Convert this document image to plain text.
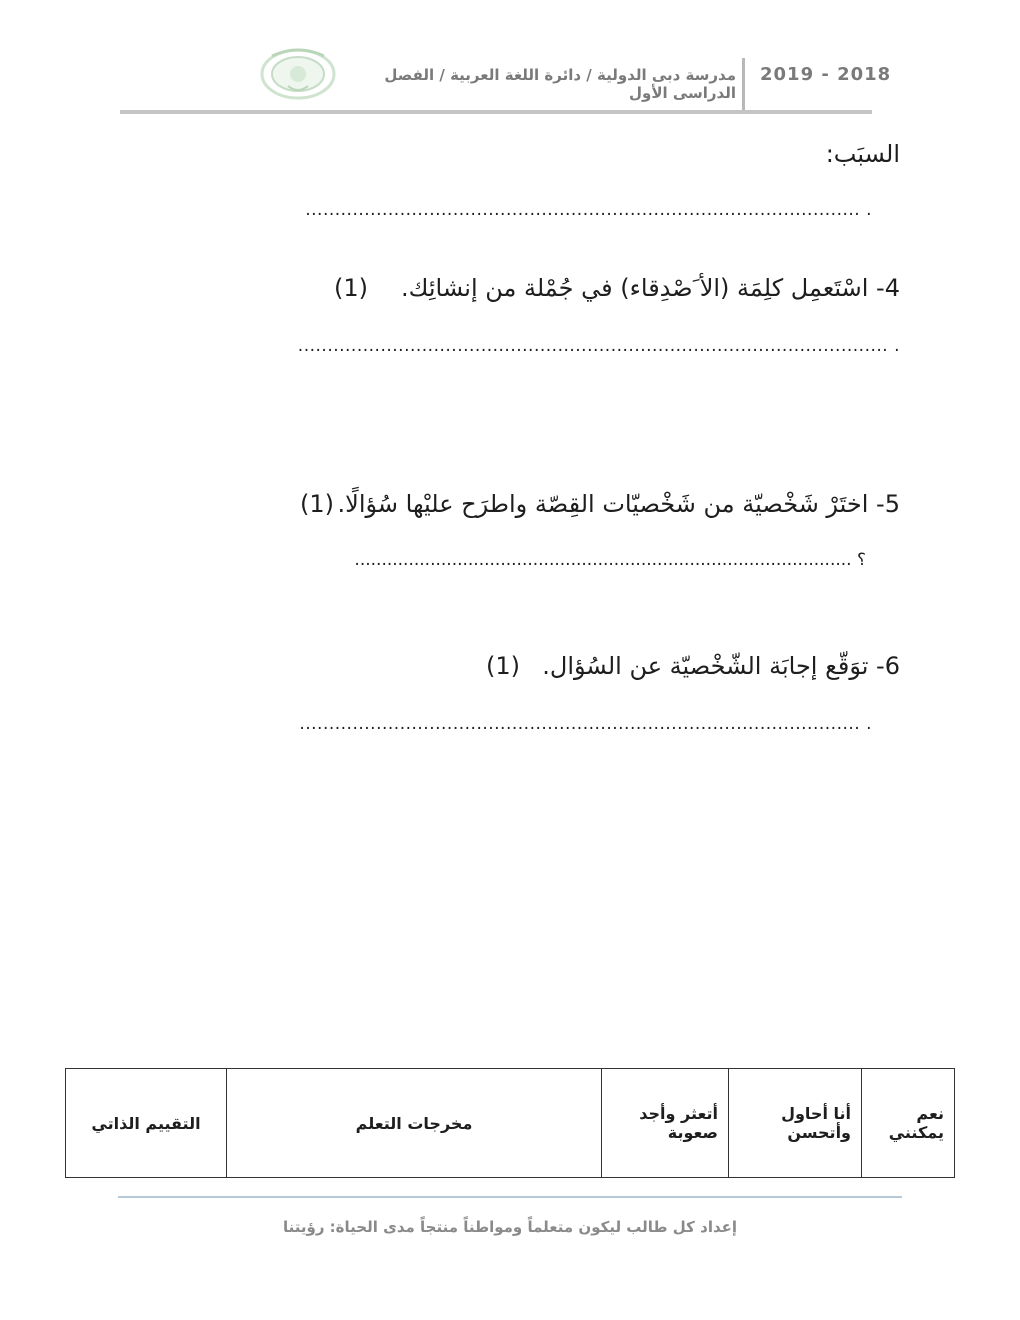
مدرسة دبى الدولية / دائرة اللغة العربية / الفصل الدراسى الأول
2019 - 2018
السبَب:
. ..............................................................................................
4- اسْتَعمِل كلِمَة (الأ َصْدِقاء) في جُمْلة من إنشائِك.
(1)
. ....................................................................................................
5- اختَرْ شَخْصيّة من شَخْصيّات القِصّة واطرَح عليْها سُؤالًا.
(1)
؟ ............................................................................................
6- توَقّع إجابَة الشّخْصيّة عن السُؤال.
(1)
. ...............................................................................................
نعم يمكنني	أنا أحاول وأتحسن	أتعثر وأجد صعوبة	مخرجات التعلم	التقييم الذاتي
إعداد كل طالب ليكون متعلماً ومواطناً منتجاً مدى الحياة: رؤيتنا
